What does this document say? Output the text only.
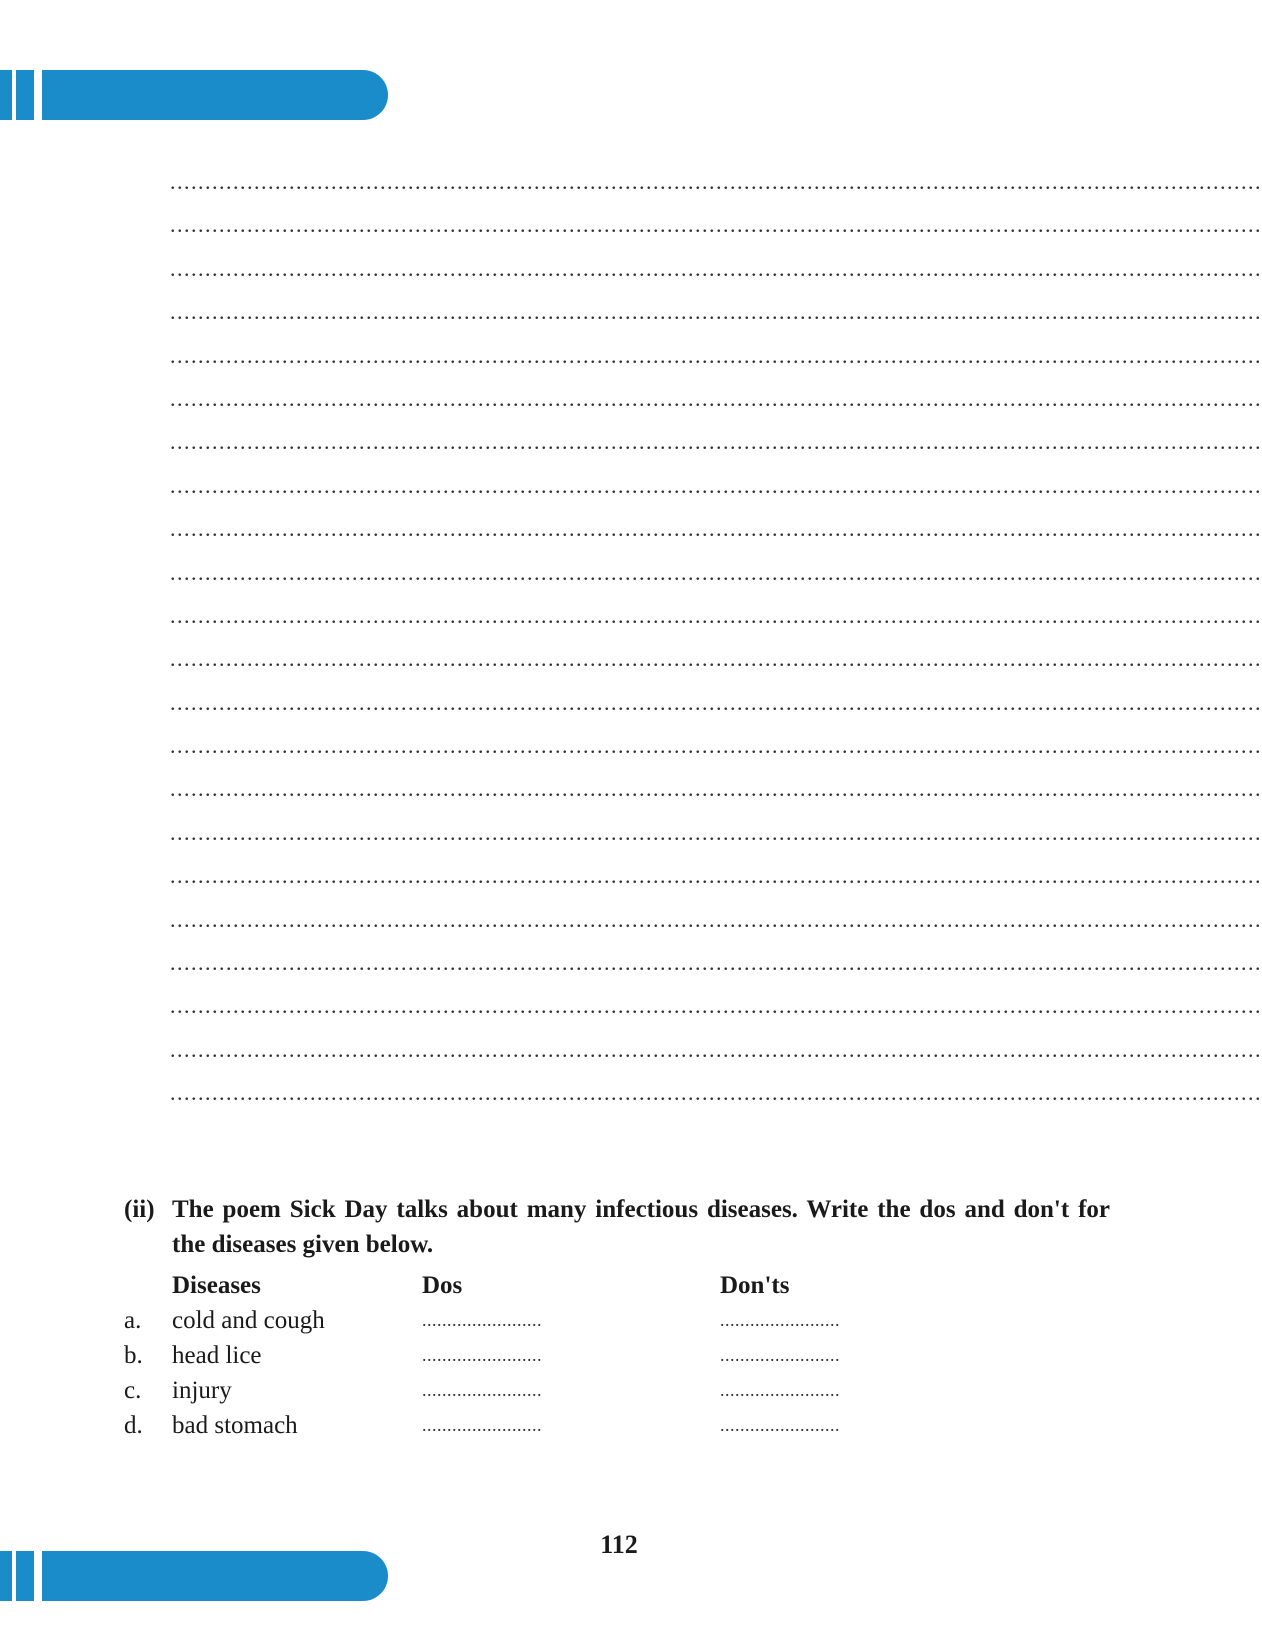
............................................................................................................................................................
............................................................................................................................................................
............................................................................................................................................................
............................................................................................................................................................
............................................................................................................................................................
............................................................................................................................................................
............................................................................................................................................................
............................................................................................................................................................
............................................................................................................................................................
............................................................................................................................................................
............................................................................................................................................................
............................................................................................................................................................
............................................................................................................................................................
............................................................................................................................................................
............................................................................................................................................................
............................................................................................................................................................
............................................................................................................................................................
............................................................................................................................................................
............................................................................................................................................................
............................................................................................................................................................
............................................................................................................................................................
............................................................................................................................................................
(ii) The poem Sick Day talks about many infectious diseases. Write the dos and don't for the diseases given below.
Diseases	Dos	Don'ts
a. cold and cough	........................	........................
b. head lice	........................	........................
c. injury	........................	........................
d. bad stomach	........................	........................
112
